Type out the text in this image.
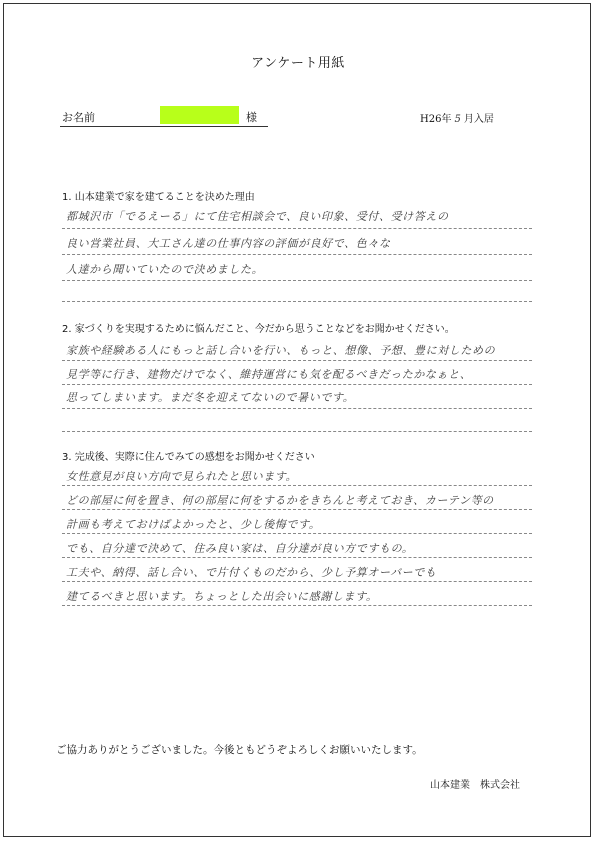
アンケート用紙
お名前	様	H26年 5 月入居
1. 山本建業で家を建てることを決めた理由
都城沢市「でるえーる」にて住宅相談会で、良い印象、受付、受け答えの
良い営業社員、大工さん達の仕事内容の評価が良好で、色々な
人達から聞いていたので決めました。
2. 家づくりを実現するために悩んだこと、今だから思うことなどをお聞かせください。
家族や経験ある人にもっと話し合いを行い、もっと、想像、予想、豊に対しための
見学等に行き、建物だけでなく、維持運営にも気を配るべきだったかなぁと、
思ってしまいます。まだ冬を迎えてないので暑いです。
3. 完成後、実際に住んでみての感想をお聞かせください
女性意見が良い方向で見られたと思います。
どの部屋に何を置き、何の部屋に何をするかをきちんと考えておき、カーテン等の
計画も考えておけばよかったと、少し後悔です。
でも、自分達で決めて、住み良い家は、自分達が良い方ですもの。
工夫や、納得、話し合い、で片付くものだから、少し予算オーバーでも
建てるべきと思います。ちょっとした出会いに感謝します。
ご協力ありがとうございました。今後ともどうぞよろしくお願いいたします。
山本建業　株式会社
